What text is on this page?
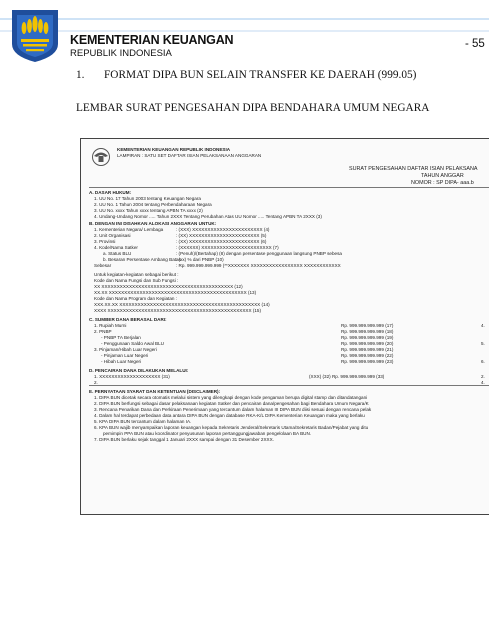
KEMENTERIAN KEUANGAN
REPUBLIK INDONESIA
- 55
1. FORMAT DIPA BUN SELAIN TRANSFER KE DAERAH (999.05)
LEMBAR SURAT PENGESAHAN DIPA BENDAHARA UMUM NEGARA
KEMENTERIAN KEUANGAN REPUBLIK INDONESIA
LAMPIRAN : SATU SET DAFTAR ISIAN PELAKSANAAN ANGGARAN
SURAT PENGESAHAN DAFTAR ISIAN PELAKSANA
TAHUN ANGGAR
NOMOR : SP DIPA- aaa.b
A. DASAR HUKUM:
1. UU No. 17 Tahun 2003 tentang Keuangan Negara
2. UU No. 1 Tahun 2004 tentang Perbendaharaan Negara
3. UU No. xxxx Tahun xxxx tentang APBN TA xxxx (2)
4. Undang-Undang Nomor ..... Tahun 2XXX Tentang Perubahan Atas UU Nomor ..... Tentang APBN TA 2XXX (3)
B. DENGAN INI DISAHKAN ALOKASI ANGGARAN UNTUK:
1. Kementerian Negara/ Lembaga	: (XXX) XXXXXXXXXXXXXXXXXXXXXXX (4)
2. Unit Organisasi	: (XX) XXXXXXXXXXXXXXXXXXXXXXX (5)
3. Provinsi	: (XX) XXXXXXXXXXXXXXXXXXXXXXX (6)
4. Kode/Nama Satker	: (XXXXXX) XXXXXXXXXXXXXXXXXXXXXXX (7)
a. Status BLU	: (Penuh)/(Bertahap) (8) dengan persentase penggunaan langsung PNBP sebesa
b. Besaran Persentase Ambang Batas
: (xx) % dari PNBP (10)
Sebesar	: Rp. 999.999.999.999 (**XXXXXXX XXXXXXXXXXXXXXXXX XXXXXXXXXXXX
Untuk kegiatan-kegiatan sebagai berikut :
Kode dan Nama Fungsi dan Sub Fungsi :
XX XXXXXXXXXXXXXXXXXXXXXXXXXXXXXXXXXXXXXXXXXXX (12)
XX.XX XXXXXXXXXXXXXXXXXXXXXXXXXXXXXXXXXXXXXXXXXXXXX (13)
Kode dan Nama Program dan Kegiatan :
XXX.XX.XX XXXXXXXXXXXXXXXXXXXXXXXXXXXXXXXXXXXXXXXXXXXXXX (14)
XXXX XXXXXXXXXXXXXXXXXXXXXXXXXXXXXXXXXXXXXXXXXXXXXXX (15)
C. SUMBER DANA BERASAL DARI:
1. Rupiah Murni	Rp. 999.999.999.999 (17)
2. PNBP	Rp. 999.999.999.999 (18)
- PNBP TA Berjalan	Rp. 999.999.999.999 (19)
- Penggunaan Saldo Awal BLU	Rp. 999.999.999.999 (20)
3. Pinjaman/Hibah Luar Negeri	Rp. 999.999.999.999 (21)
- Pinjaman Luar Negeri	Rp. 999.999.999.999 (22)
- Hibah Luar Negeri	Rp. 999.999.999.999 (23)
D. PENCAIRAN DANA DILAKUKAN MELALUI:
1. XXXXXXXXXXXXXXXXXXXX (31)	(XXX) (32) Rp. 999.999.999.999 (33)
2.
E. PERNYATAAN SYARAT DAN KETENTUAN (DISCLAIMER):
1. DIPA BUN dicetak secara otomatis melalui sistem yang dilengkapi dengan kode pengaman berupa digital stamp dan ditandatangani
2. DIPA BUN berfungsi sebagai dasar pelaksanaan kegiatan Satker dan pencairan dana/pengesahan bagi Bendahara Umum Negara/K
3. Rencana Penarikan Dana dan Perkiraan Penerimaan yang tercantum dalam halaman III DIPA BUN diisi sesuai dengan rencana pelak
4. Dalam hal terdapat perbedaan data antara DIPA BUN dengan database RKA-K/L DIPA Kementerian Keuangan maka yang berlaku
5. KPA DIPA BUN tercantum dalam halaman IA.
6. KPA BUN wajib menyampaikan laporan keuangan kepada Sekretaris Jenderal/Sekretaris Utama/Sekretaris Badan/Pejabat yang ditu
pemimpin PPA BUN atau koordinator penyusunan laporan pertanggungjawaban pengelolaan BA BUN.
7. DIPA BUN berlaku sejak tanggal 1 Januari 2XXX sampai dengan 31 Desember 2XXX.
4.
5.
6.
2.
4.
